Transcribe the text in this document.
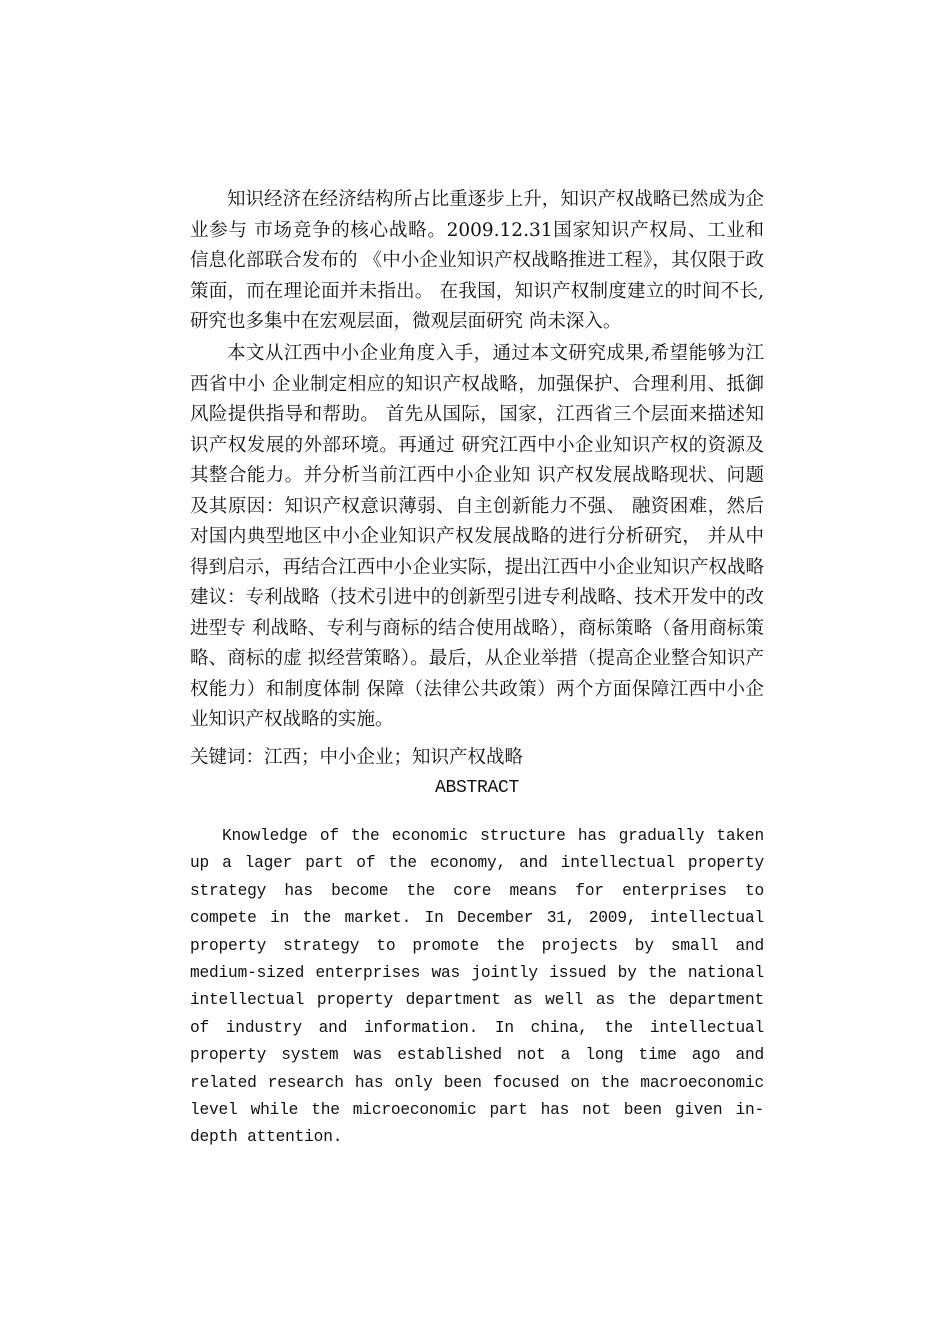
知识经济在经济结构所占比重逐步上升，知识产权战略已然成为企业参与 市场竞争的核心战略。2009.12.31国家知识产权局、工业和信息化部联合发布的 《中小企业知识产权战略推进工程》，其仅限于政策面，而在理论面并未指出。 在我国，知识产权制度建立的时间不长,研究也多集中在宏观层面，微观层面研究 尚未深入。

本文从江西中小企业角度入手，通过本文研究成果,希望能够为江西省中小 企业制定相应的知识产权战略，加强保护、合理利用、抵御风险提供指导和帮助。 首先从国际，国家，江西省三个层面来描述知识产权发展的外部环境。再通过 研究江西中小企业知识产权的资源及其整合能力。并分析当前江西中小企业知 识产权发展战略现状、问题及其原因：知识产权意识薄弱、自主创新能力不强、 融资困难，然后对国内典型地区中小企业知识产权发展战略的进行分析研究， 并从中得到启示，再结合江西中小企业实际，提出江西中小企业知识产权战略 建议：专利战略（技术引进中的创新型引进专利战略、技术开发中的改进型专 利战略、专利与商标的结合使用战略），商标策略（备用商标策略、商标的虚 拟经营策略）。最后，从企业举措（提高企业整合知识产权能力）和制度体制 保障（法律公共政策）两个方面保障江西中小企业知识产权战略的实施。

关键词：江西；中小企业；知识产权战略

ABSTRACT

Knowledge of the economic structure has gradually taken up a lager part of the economy, and intellectual property strategy has become the core means for enterprises to compete in the market. In December 31, 2009, intellectual property strategy to promote the projects by small and medium-sized enterprises was jointly issued by the national intellectual property department as well as the department of industry and information. In china, the intellectual property system was established not a long time ago and related research has only been focused on the macroeconomic level while the microeconomic part has not been given in-depth attention.
